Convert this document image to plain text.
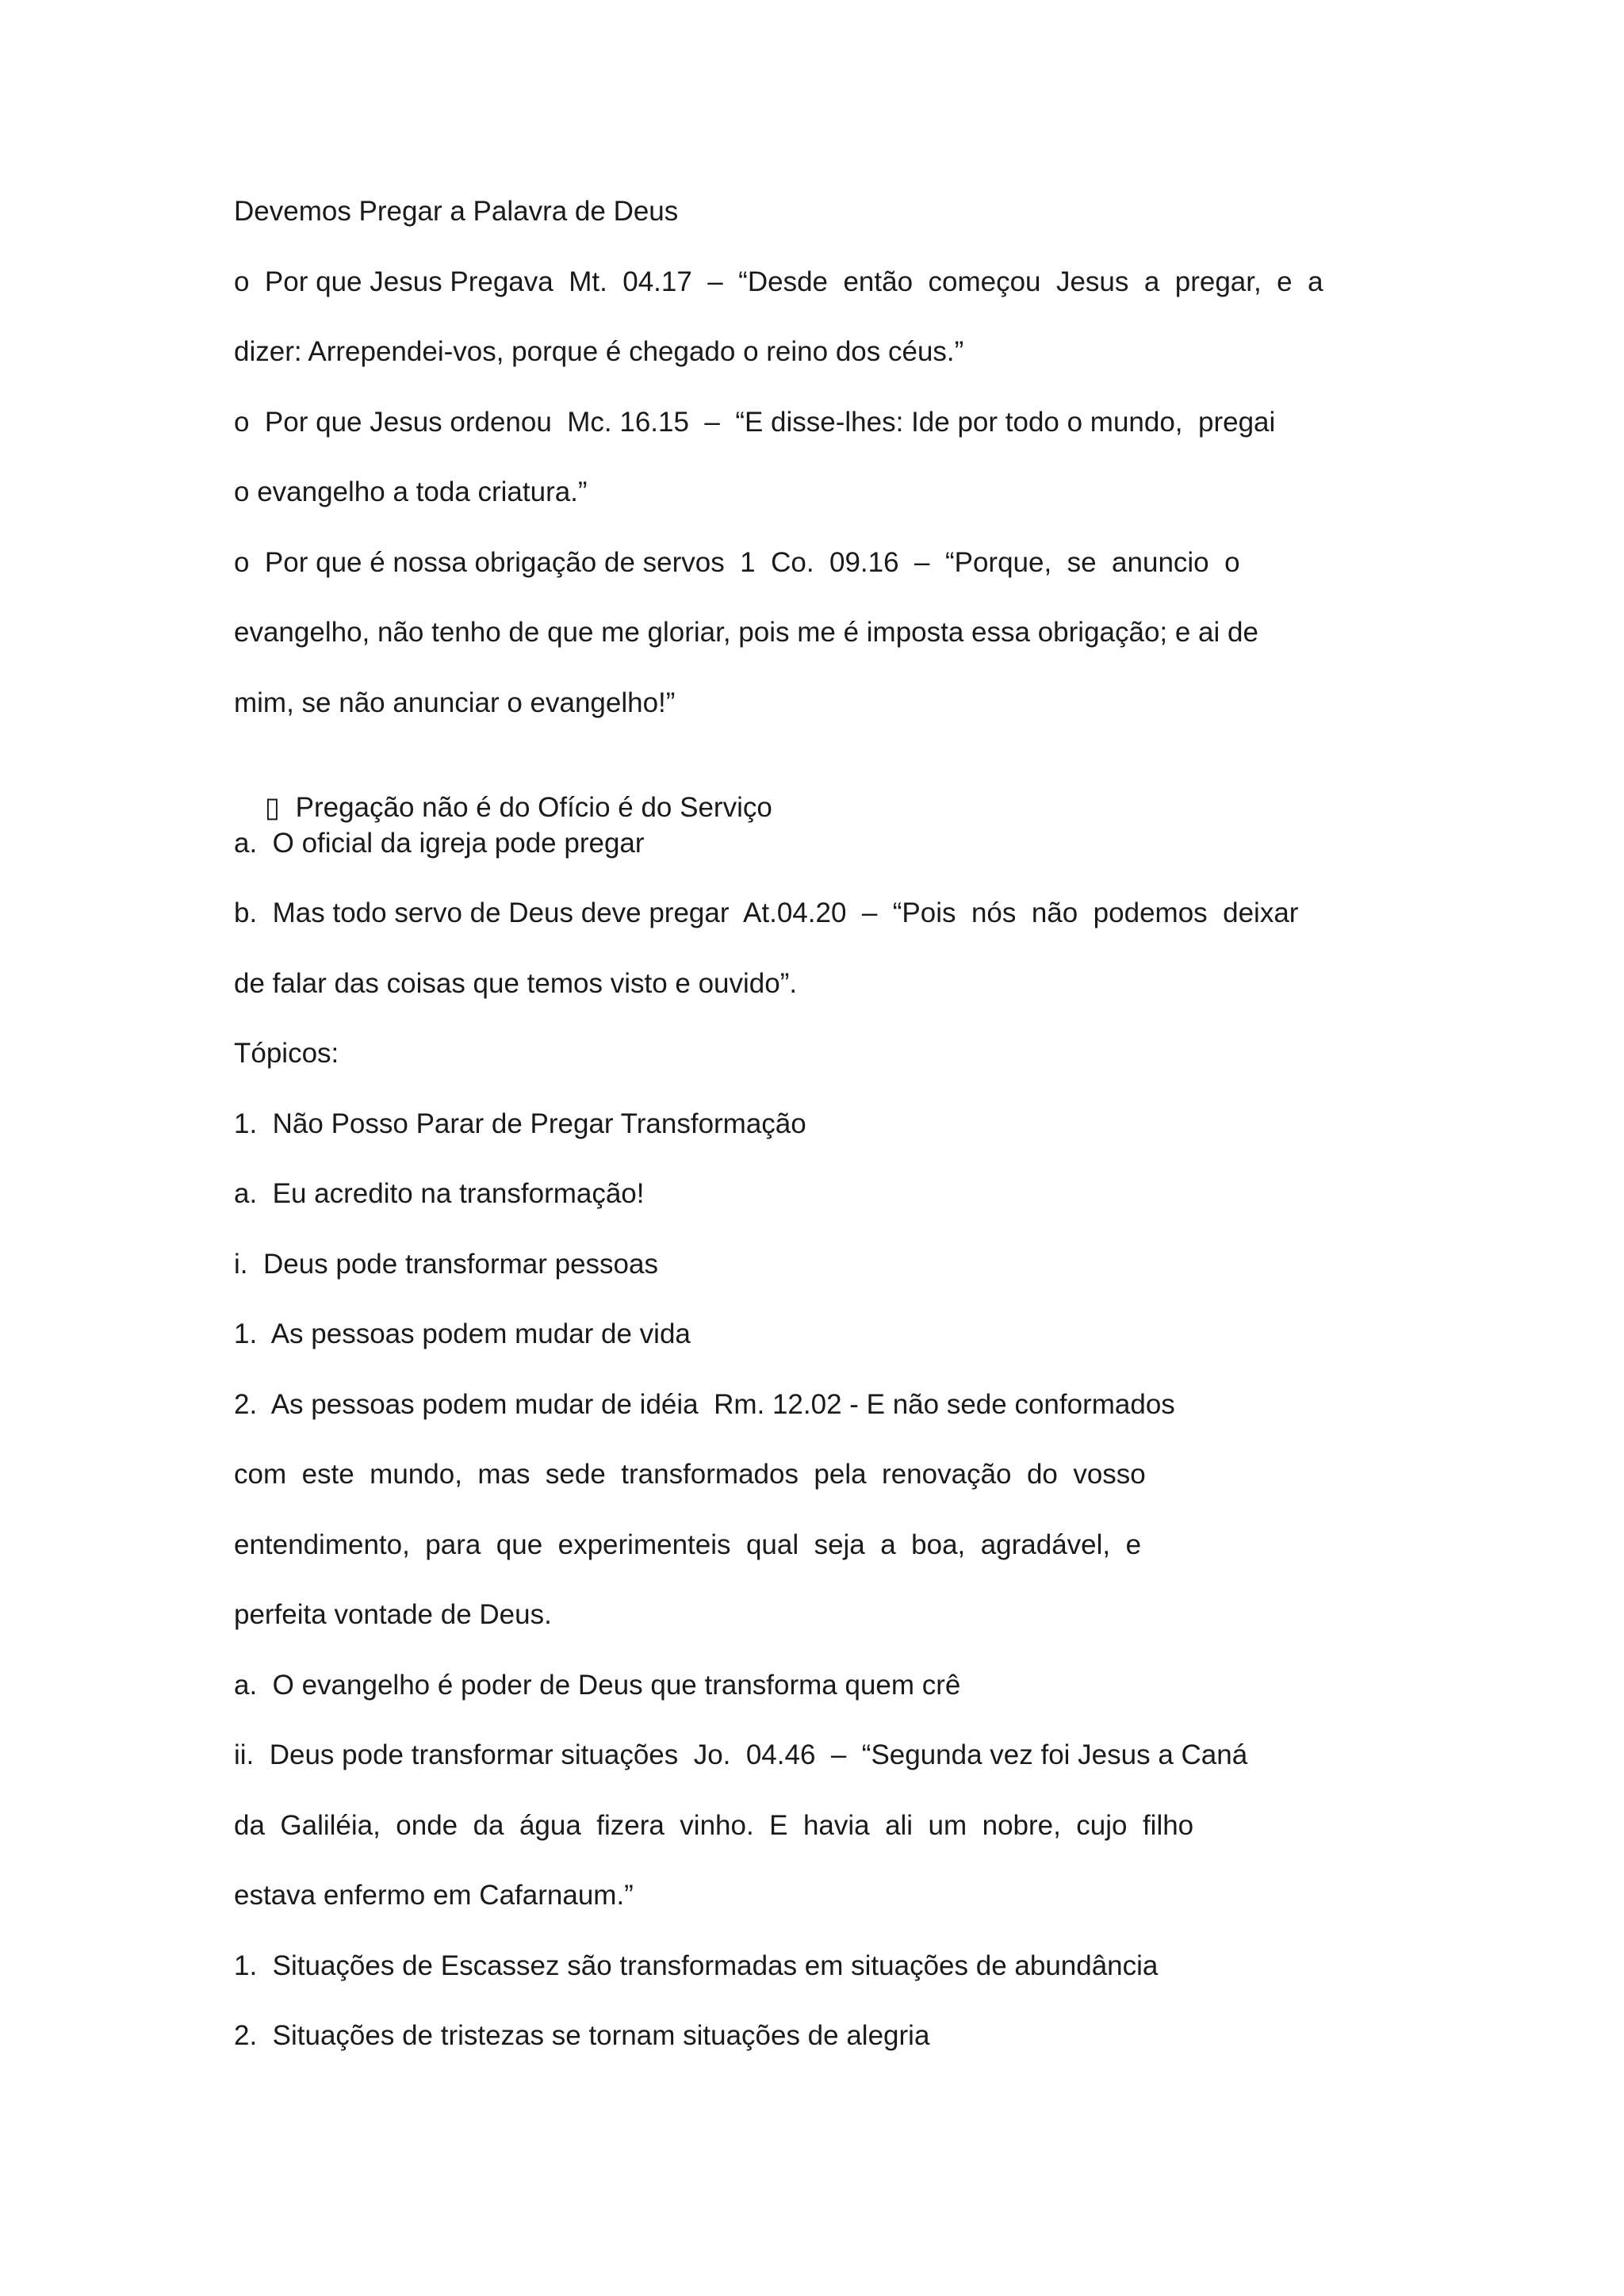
Devemos Pregar a Palavra de Deus
o  Por que Jesus Pregava  Mt.  04.17  –  “Desde  então  começou  Jesus  a  pregar,  e  a
dizer: Arrependei-vos, porque é chegado o reino dos céus.”
o  Por que Jesus ordenou  Mc. 16.15  –  “E disse-lhes: Ide por todo o mundo,  pregai
o evangelho a toda criatura.”
o  Por que é nossa obrigação de servos  1  Co.  09.16  –  “Porque,  se  anuncio  o
evangelho, não tenho de que me gloriar, pois me é imposta essa obrigação; e ai de
mim, se não anunciar o evangelho!”

▯  Pregação não é do Ofício é do Serviço

a.  O oficial da igreja pode pregar
b.  Mas todo servo de Deus deve pregar  At.04.20  –  “Pois  nós  não  podemos  deixar
de falar das coisas que temos visto e ouvido”.
Tópicos:
1.  Não Posso Parar de Pregar Transformação
a.  Eu acredito na transformação!
i.  Deus pode transformar pessoas
1.  As pessoas podem mudar de vida
2.  As pessoas podem mudar de idéia  Rm. 12.02 - E não sede conformados
com  este  mundo,  mas  sede  transformados  pela  renovação  do  vosso
entendimento,  para  que  experimenteis  qual  seja  a  boa,  agradável,  e
perfeita vontade de Deus.
a.  O evangelho é poder de Deus que transforma quem crê
ii.  Deus pode transformar situações  Jo.  04.46  –  “Segunda vez foi Jesus a Caná
da  Galiléia,  onde  da  água  fizera  vinho.  E  havia  ali  um  nobre,  cujo  filho
estava enfermo em Cafarnaum.”
1.  Situações de Escassez são transformadas em situações de abundância
2.  Situações de tristezas se tornam situações de alegria
